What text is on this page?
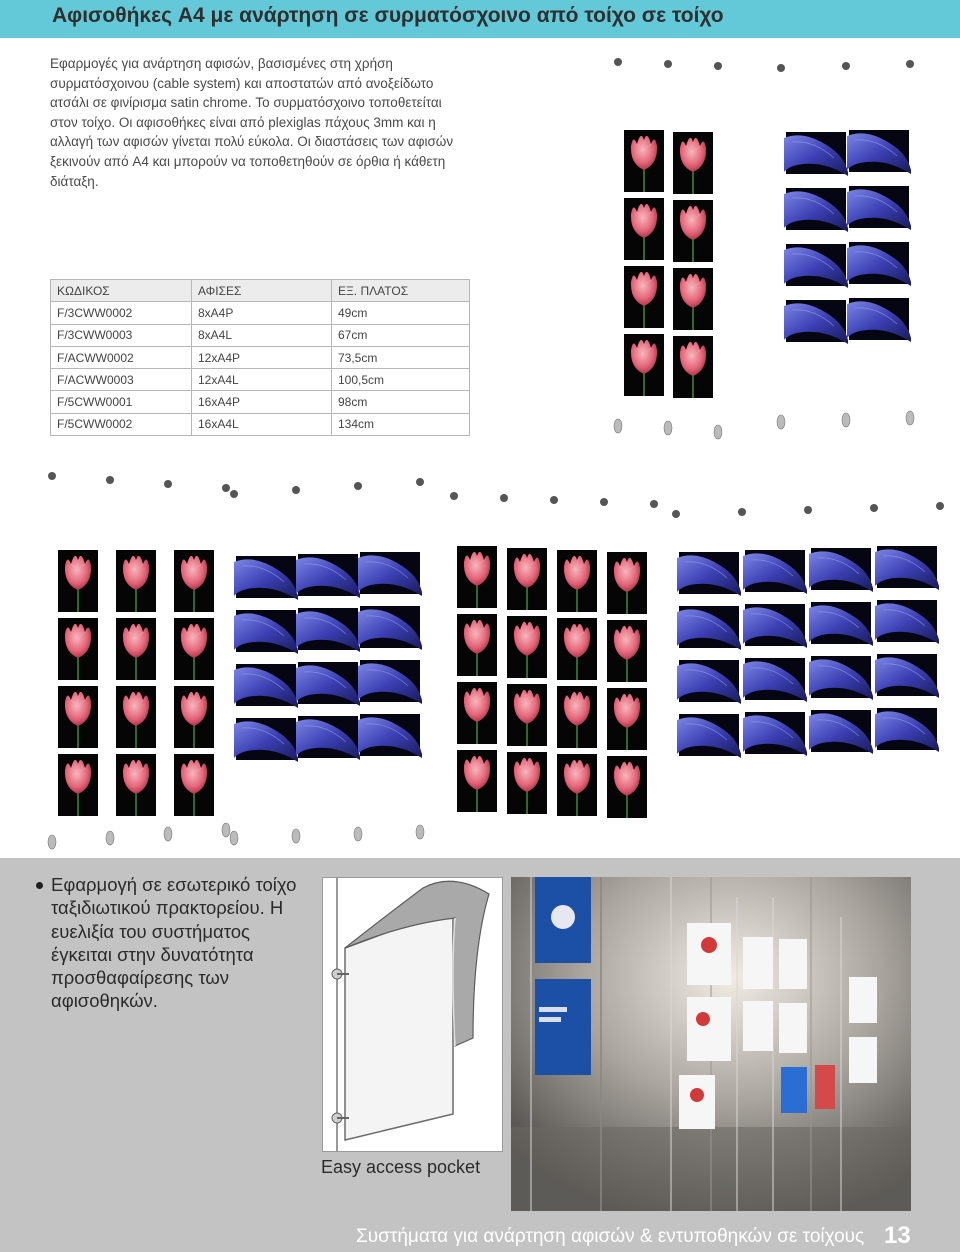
Αφισοθήκες A4 με ανάρτηση σε συρματόσχοινο από τοίχο σε τοίχο

Εφαρμογές για ανάρτηση αφισών, βασισμένες στη χρήση συρματόσχοινου (cable system) και αποστατών από ανοξείδωτο ατσάλι σε φινίρισμα satin chrome. Το συρματόσχοινο τοποθετείται στον τοίχο. Οι αφισοθήκες είναι από plexiglas πάχους 3mm και η αλλαγή των αφισών γίνεται πολύ εύκολα. Οι διαστάσεις των αφισών ξεκινούν από A4 και μπορούν να τοποθετηθούν σε όρθια ή κάθετη διάταξη.

ΚΩΔΙΚΟΣ	ΑΦΙΣΕΣ	ΕΞ. ΠΛΑΤΟΣ
F/3CWW0002	8xA4P	49cm
F/3CWW0003	8xA4L	67cm
F/ACWW0002	12xA4P	73,5cm
F/ACWW0003	12xA4L	100,5cm
F/5CWW0001	16xA4P	98cm
F/5CWW0002	16xA4L	134cm

Εφαρμογή σε εσωτερικό τοίχο ταξιδιωτικού πρακτορείου. Η ευελιξία του συστήματος έγκειται στην δυνατότητα προσθαφαίρεσης των αφισοθηκών.

Easy access pocket
Συστήματα για ανάρτηση αφισών & εντυποθηκών σε τοίχους 13
